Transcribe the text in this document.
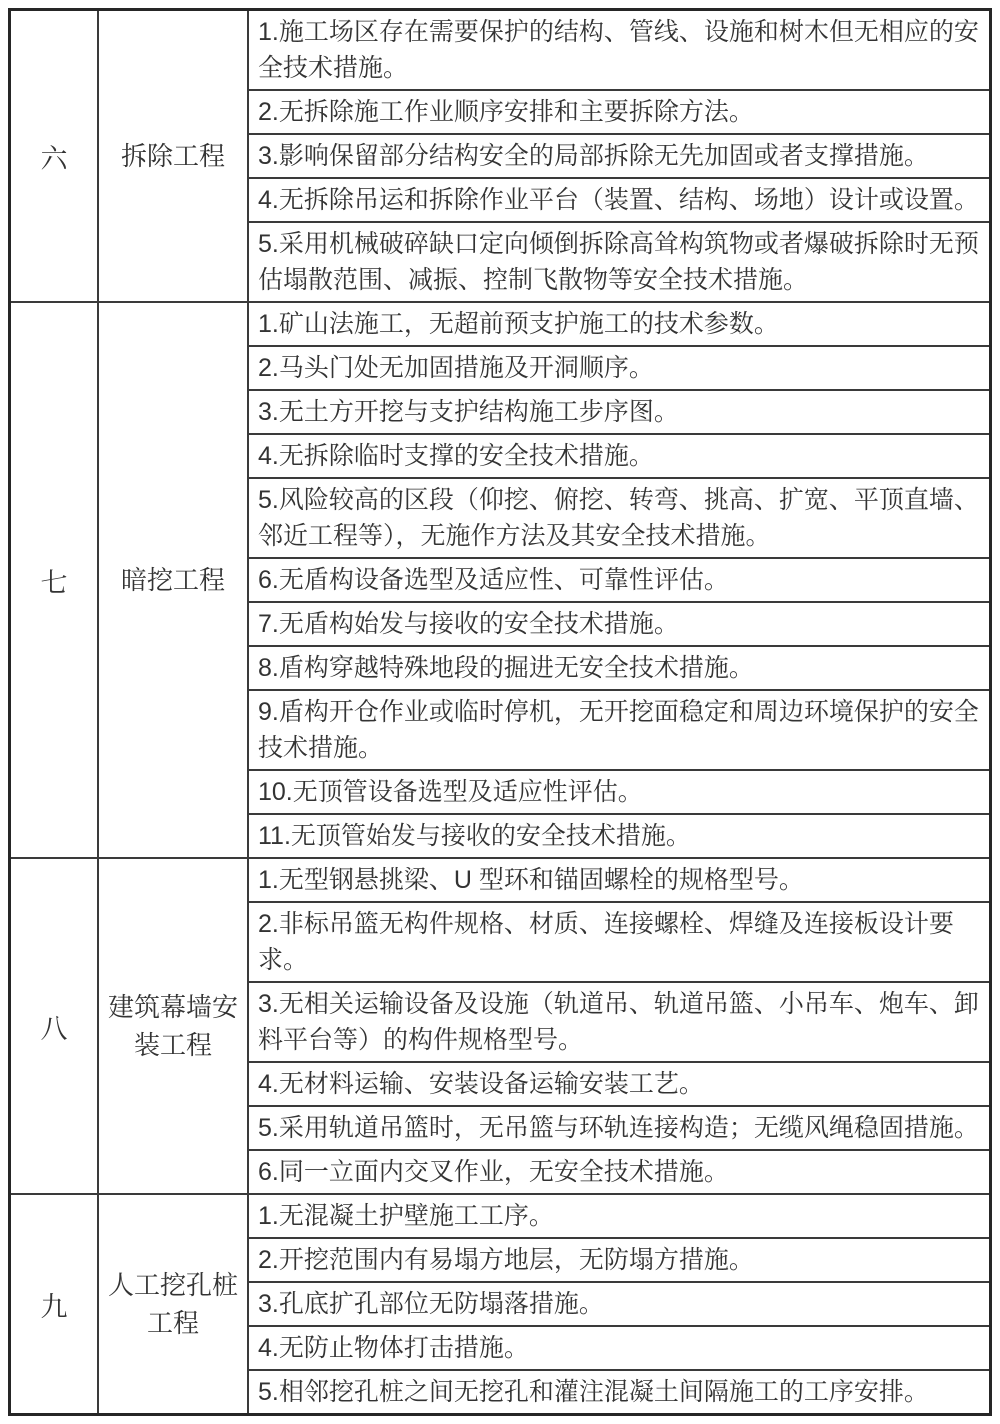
六	拆除工程	1.施工场区存在需要保护的结构、管线、设施和树木但无相应的安全技术措施。
		2.无拆除施工作业顺序安排和主要拆除方法。
		3.影响保留部分结构安全的局部拆除无先加固或者支撑措施。
		4.无拆除吊运和拆除作业平台（装置、结构、场地）设计或设置。
		5.采用机械破碎缺口定向倾倒拆除高耸构筑物或者爆破拆除时无预估塌散范围、减振、控制飞散物等安全技术措施。
七	暗挖工程	1.矿山法施工，无超前预支护施工的技术参数。
		2.马头门处无加固措施及开洞顺序。
		3.无土方开挖与支护结构施工步序图。
		4.无拆除临时支撑的安全技术措施。
		5.风险较高的区段（仰挖、俯挖、转弯、挑高、扩宽、平顶直墙、邻近工程等），无施作方法及其安全技术措施。
		6.无盾构设备选型及适应性、可靠性评估。
		7.无盾构始发与接收的安全技术措施。
		8.盾构穿越特殊地段的掘进无安全技术措施。
		9.盾构开仓作业或临时停机，无开挖面稳定和周边环境保护的安全技术措施。
		10.无顶管设备选型及适应性评估。
		11.无顶管始发与接收的安全技术措施。
八	建筑幕墙安装工程	1.无型钢悬挑梁、U 型环和锚固螺栓的规格型号。
		2.非标吊篮无构件规格、材质、连接螺栓、焊缝及连接板设计要求。
		3.无相关运输设备及设施（轨道吊、轨道吊篮、小吊车、炮车、卸料平台等）的构件规格型号。
		4.无材料运输、安装设备运输安装工艺。
		5.采用轨道吊篮时，无吊篮与环轨连接构造；无缆风绳稳固措施。
		6.同一立面内交叉作业，无安全技术措施。
九	人工挖孔桩工程	1.无混凝土护壁施工工序。
		2.开挖范围内有易塌方地层，无防塌方措施。
		3.孔底扩孔部位无防塌落措施。
		4.无防止物体打击措施。
		5.相邻挖孔桩之间无挖孔和灌注混凝土间隔施工的工序安排。
